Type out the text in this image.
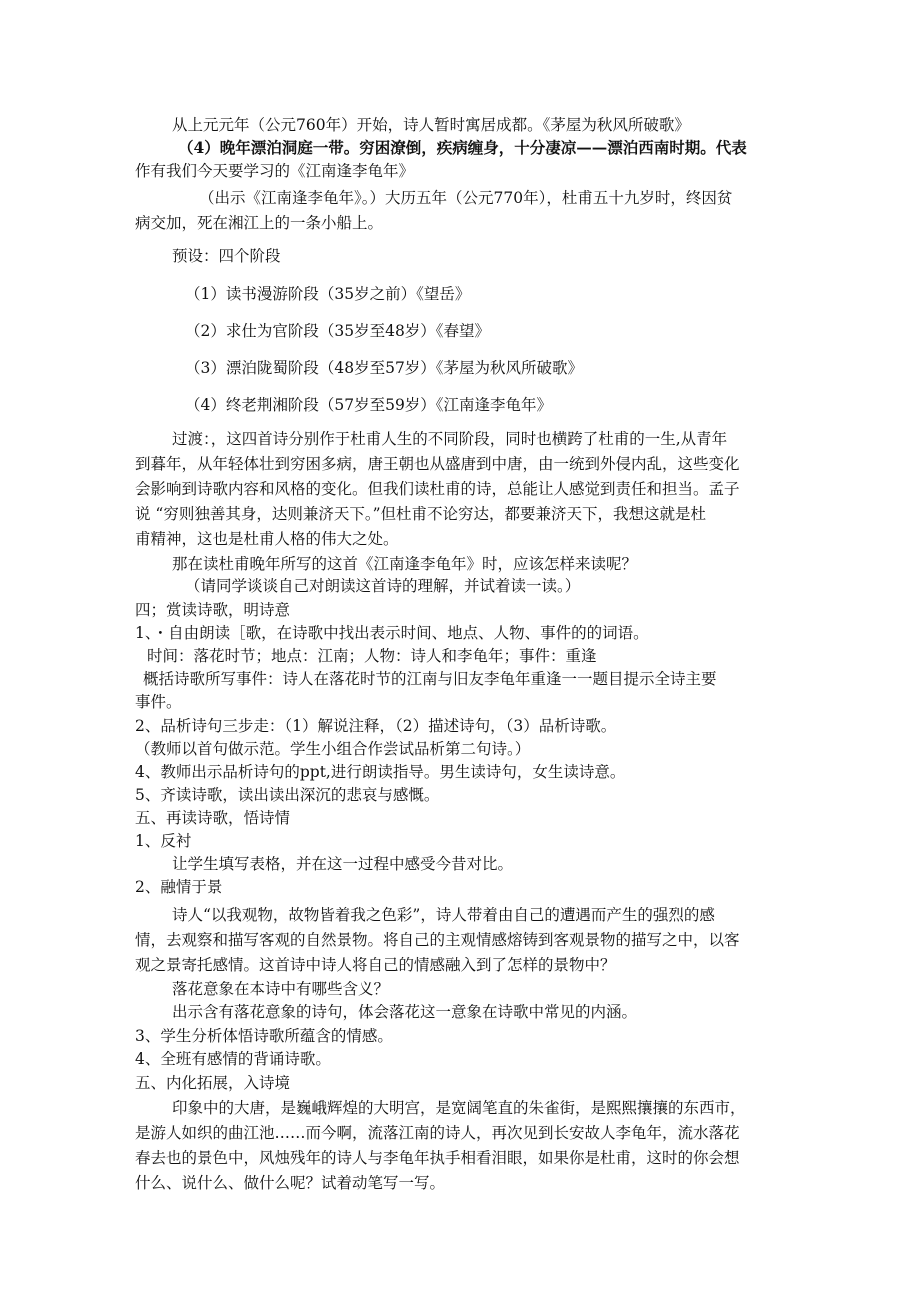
从上元元年（公元760年）开始，诗人暂时寓居成都。《茅屋为秋风所破歌》

（4）晚年漂泊洞庭一带。穷困潦倒，疾病缠身，十分凄凉——漂泊西南时期。代表

作有我们今天要学习的《江南逢李龟年》

（出示《江南逢李龟年》。）大历五年（公元770年），杜甫五十九岁时，终因贫

病交加，死在湘江上的一条小船上。

预设：四个阶段

（1）读书漫游阶段（35岁之前）《望岳》

（2）求仕为官阶段（35岁至48岁）《春望》

（3）漂泊陇蜀阶段（48岁至57岁）《茅屋为秋风所破歌》

（4）终老荆湘阶段（57岁至59岁）《江南逢李龟年》

过渡：，这四首诗分别作于杜甫人生的不同阶段，同时也横跨了杜甫的一生,从青年

到暮年，从年轻体壮到穷困多病，唐王朝也从盛唐到中唐，由一统到外侵内乱，这些变化

会影响到诗歌内容和风格的变化。但我们读杜甫的诗，总能让人感觉到责任和担当。孟子

说 “穷则独善其身，达则兼济天下。”但杜甫不论穷达，都要兼济天下，我想这就是杜

甫精神，这也是杜甫人格的伟大之处。

那在读杜甫晚年所写的这首《江南逢李龟年》时，应该怎样来读呢？

（请同学谈谈自己对朗读这首诗的理解，并试着读一读。）

四；赏读诗歌，明诗意

1、・自由朗读［歌，在诗歌中找出表示时间、地点、人物、事件的的词语。

时间：落花时节；地点：江南；人物：诗人和李龟年；事件：重逢

概括诗歌所写事件：诗人在落花时节的江南与旧友李龟年重逢一一题目提示全诗主要

事件。

2、品析诗句三步走：（1）解说注释，（2）描述诗句，（3）品析诗歌。

（教师以首句做示范。学生小组合作尝试品析第二句诗。）

4、教师出示品析诗句的ppt,进行朗读指导。男生读诗句，女生读诗意。

5、齐读诗歌，读出读出深沉的悲哀与感慨。

五、再读诗歌，悟诗情

1、反衬

让学生填写表格，并在这一过程中感受今昔对比。

2、融情于景

诗人“以我观物，故物皆着我之色彩”，诗人带着由自己的遭遇而产生的强烈的感

情，去观察和描写客观的自然景物。将自己的主观情感熔铸到客观景物的描写之中，以客

观之景寄托感情。这首诗中诗人将自己的情感融入到了怎样的景物中？

落花意象在本诗中有哪些含义？

出示含有落花意象的诗句，体会落花这一意象在诗歌中常见的内涵。

3、学生分析体悟诗歌所蕴含的情感。

4、全班有感情的背诵诗歌。

五、内化拓展，入诗境

印象中的大唐，是巍峨辉煌的大明宫，是宽阔笔直的朱雀街，是熙熙攘攘的东西市，

是游人如织的曲江池……而今啊，流落江南的诗人，再次见到长安故人李龟年，流水落花

春去也的景色中，风烛残年的诗人与李龟年执手相看泪眼，如果你是杜甫，这时的你会想

什么、说什么、做什么呢？试着动笔写一写。
